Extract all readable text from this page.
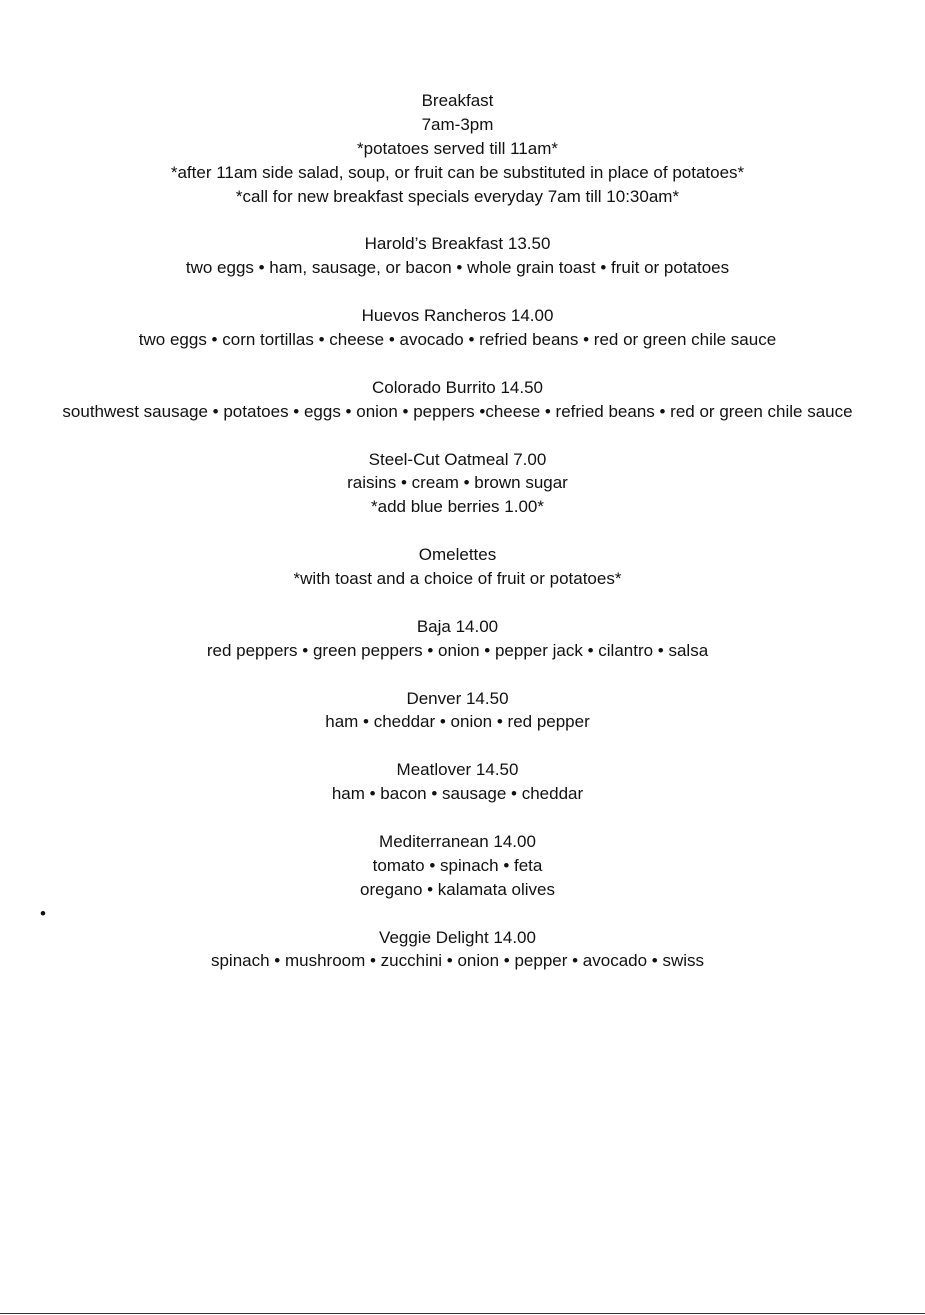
Breakfast
7am-3pm
*potatoes served till 11am*
*after 11am side salad, soup, or fruit can be substituted in place of potatoes*
*call for new breakfast specials everyday 7am till 10:30am*
Harold’s Breakfast 13.50
two eggs • ham, sausage, or bacon • whole grain toast • fruit or potatoes
Huevos Rancheros 14.00
two eggs • corn tortillas • cheese • avocado • refried beans • red or green chile sauce
Colorado Burrito 14.50
southwest sausage • potatoes • eggs • onion • peppers •cheese • refried beans • red or green chile sauce
Steel-Cut Oatmeal 7.00
raisins • cream • brown sugar
*add blue berries 1.00*
Omelettes
*with toast and a choice of fruit or potatoes*
Baja 14.00
red peppers • green peppers • onion • pepper jack • cilantro • salsa
Denver 14.50
ham • cheddar • onion • red pepper
Meatlover 14.50
ham • bacon • sausage • cheddar
Mediterranean 14.00
tomato • spinach • feta
oregano • kalamata olives
Veggie Delight 14.00
spinach • mushroom • zucchini • onion • pepper • avocado • swiss
•
